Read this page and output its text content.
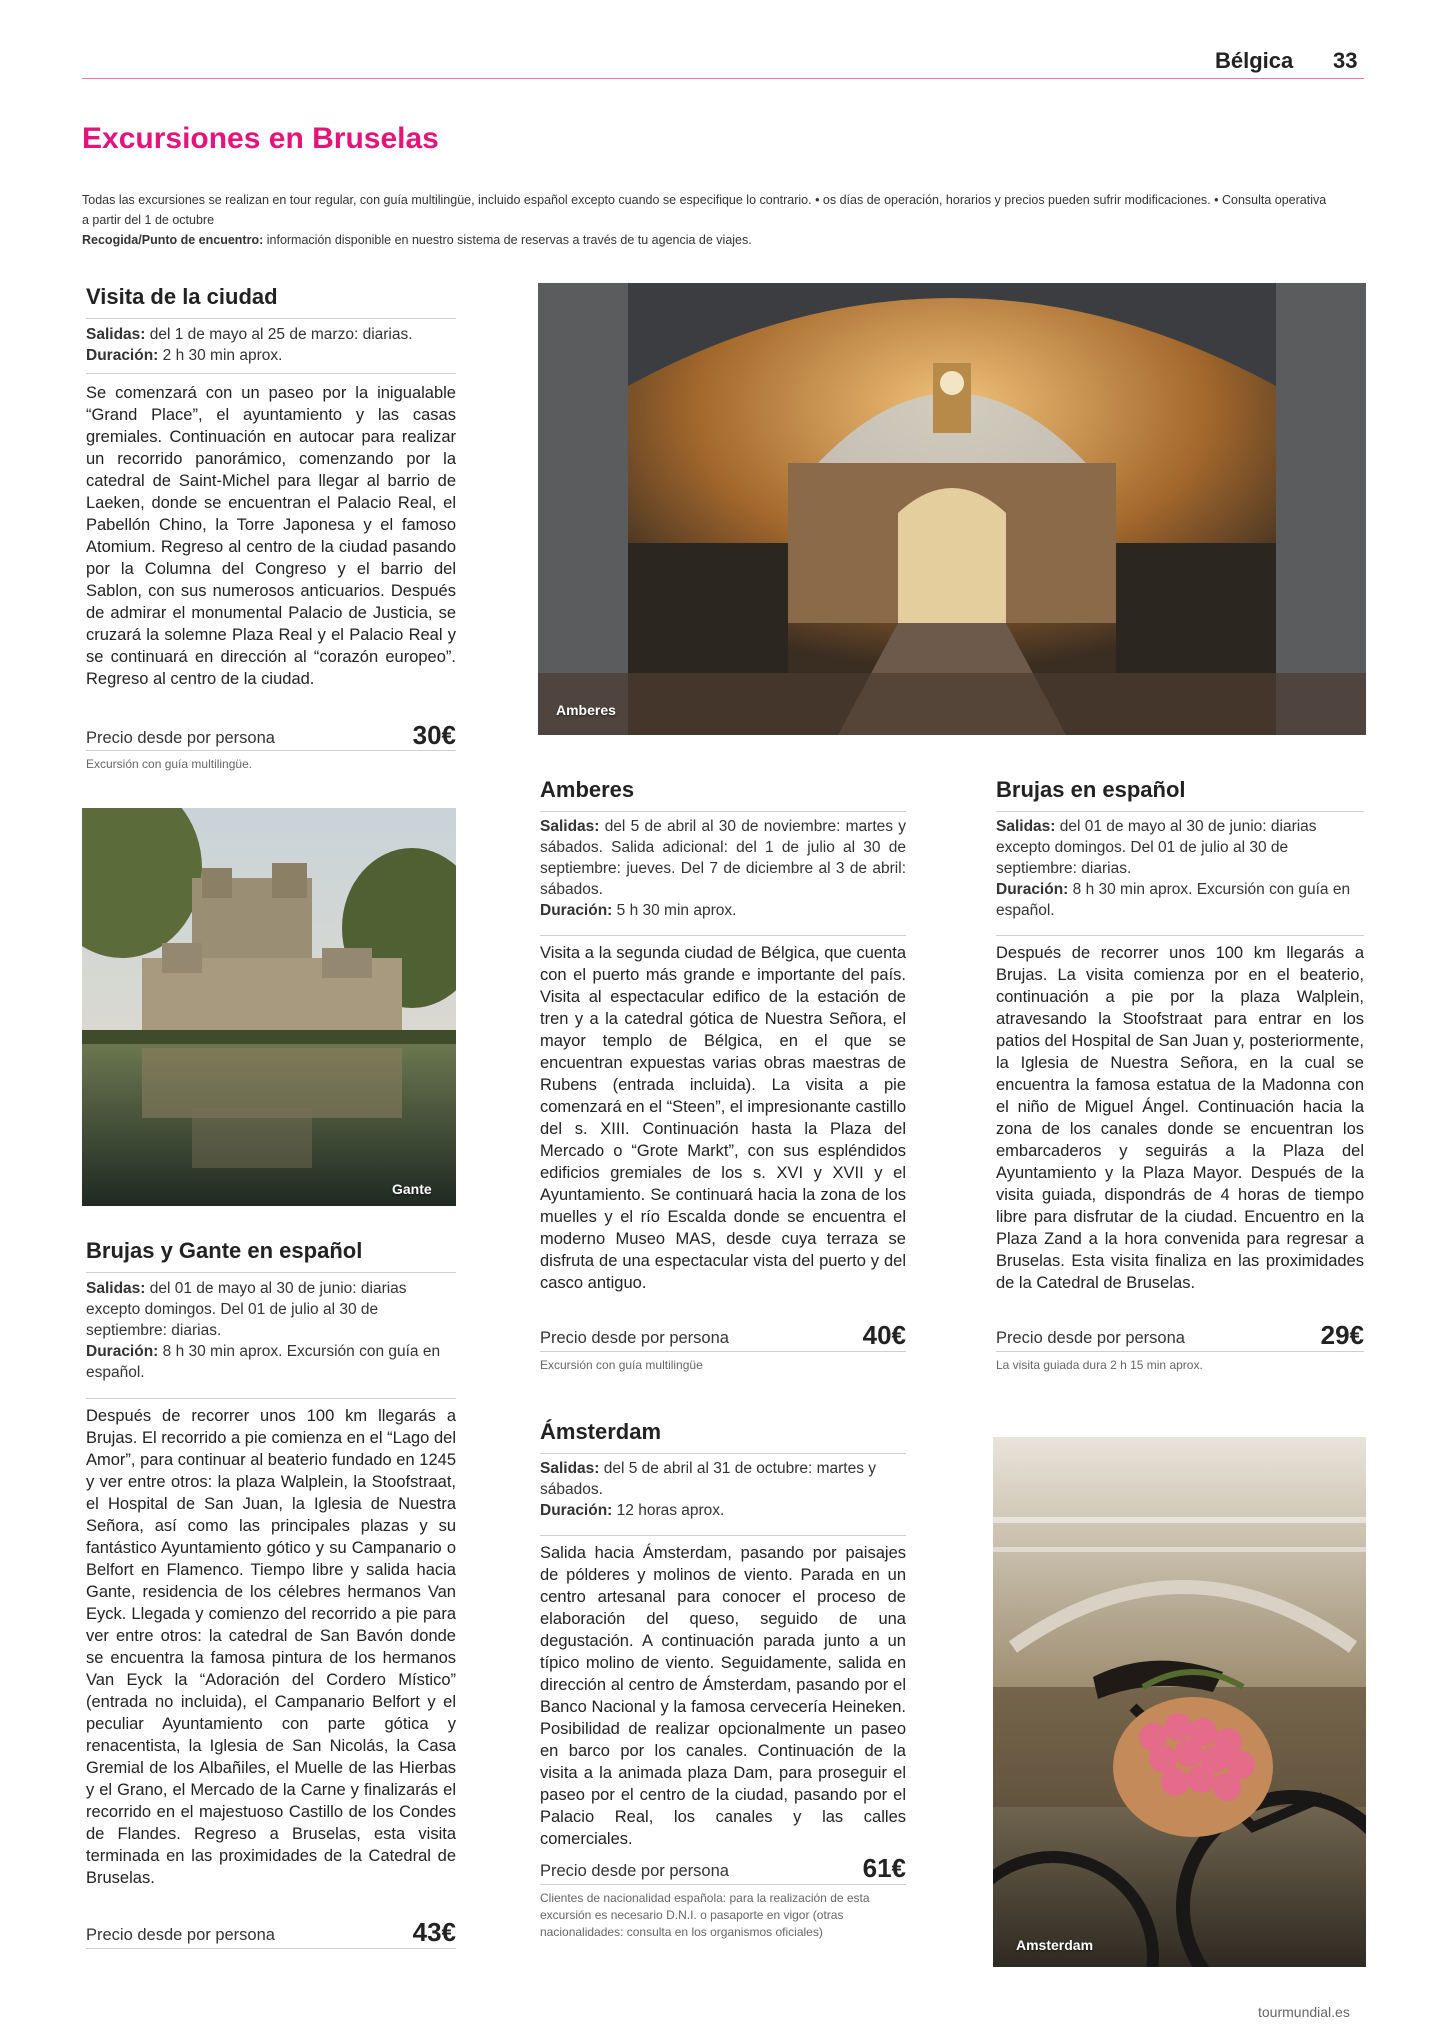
Bélgica 33
Excursiones en Bruselas
Todas las excursiones se realizan en tour regular, con guía multilingüe, incluido español excepto cuando se especifique lo contrario. • os días de operación, horarios y precios pueden sufrir modificaciones. • Consulta operativa a partir del 1 de octubre
Recogida/Punto de encuentro: información disponible en nuestro sistema de reservas a través de tu agencia de viajes.
Visita de la ciudad
Salidas: del 1 de mayo al 25 de marzo: diarias.
Duración: 2 h 30 min aprox.
Se comenzará con un paseo por la inigualable “Grand Place”, el ayuntamiento y las casas gremiales. Continuación en autocar para realizar un recorrido panorámico, comenzando por la catedral de Saint-Michel para llegar al barrio de Laeken, donde se encuentran el Palacio Real, el Pabellón Chino, la Torre Japonesa y el famoso Atomium. Regreso al centro de la ciudad pasando por la Columna del Congreso y el barrio del Sablon, con sus numerosos anticuarios. Después de admirar el monumental Palacio de Justicia, se cruzará la solemne Plaza Real y el Palacio Real y se continuará en dirección al “corazón europeo”. Regreso al centro de la ciudad.
Precio desde por persona	30€
Excursión con guía multilingüe.
Gante
Brujas y Gante en español
Salidas: del 01 de mayo al 30 de junio: diarias excepto domingos. Del 01 de julio al 30 de septiembre: diarias.
Duración: 8 h 30 min aprox. Excursión con guía en español.
Después de recorrer unos 100 km llegarás a Brujas. El recorrido a pie comienza en el “Lago del Amor”, para continuar al beaterio fundado en 1245 y ver entre otros: la plaza Walplein, la Stoofstraat, el Hospital de San Juan, la Iglesia de Nuestra Señora, así como las principales plazas y su fantástico Ayuntamiento gótico y su Campanario o Belfort en Flamenco. Tiempo libre y salida hacia Gante, residencia de los célebres hermanos Van Eyck. Llegada y comienzo del recorrido a pie para ver entre otros: la catedral de San Bavón donde se encuentra la famosa pintura de los hermanos Van Eyck la “Adoración del Cordero Místico” (entrada no incluida), el Campanario Belfort y el peculiar Ayuntamiento con parte gótica y renacentista, la Iglesia de San Nicolás, la Casa Gremial de los Albañiles, el Muelle de las Hierbas y el Grano, el Mercado de la Carne y finalizarás el recorrido en el majestuoso Castillo de los Condes de Flandes. Regreso a Bruselas, esta visita terminada en las proximidades de la Catedral de Bruselas.
Precio desde por persona	43€
Amberes
Amberes
Salidas: del 5 de abril al 30 de noviembre: martes y sábados. Salida adicional: del 1 de julio al 30 de septiembre: jueves. Del 7 de diciembre al 3 de abril: sábados.
Duración: 5 h 30 min aprox.
Visita a la segunda ciudad de Bélgica, que cuenta con el puerto más grande e importante del país. Visita al espectacular edifico de la estación de tren y a la catedral gótica de Nuestra Señora, el mayor templo de Bélgica, en el que se encuentran expuestas varias obras maestras de Rubens (entrada incluida). La visita a pie comenzará en el “Steen”, el impresionante castillo del s. XIII. Continuación hasta la Plaza del Mercado o “Grote Markt”, con sus espléndidos edificios gremiales de los s. XVI y XVII y el Ayuntamiento. Se continuará hacia la zona de los muelles y el río Escalda donde se encuentra el moderno Museo MAS, desde cuya terraza se disfruta de una espectacular vista del puerto y del casco antiguo.
Precio desde por persona	40€
Excursión con guía multilingüe
Ámsterdam
Salidas: del 5 de abril al 31 de octubre: martes y sábados.
Duración: 12 horas aprox.
Salida hacia Ámsterdam, pasando por paisajes de pólderes y molinos de viento. Parada en un centro artesanal para conocer el proceso de elaboración del queso, seguido de una degustación. A continuación parada junto a un típico molino de viento. Seguidamente, salida en dirección al centro de Ámsterdam, pasando por el Banco Nacional y la famosa cervecería Heineken. Posibilidad de realizar opcionalmente un paseo en barco por los canales. Continuación de la visita a la animada plaza Dam, para proseguir el paseo por el centro de la ciudad, pasando por el Palacio Real, los canales y las calles comerciales.
Precio desde por persona	61€
Clientes de nacionalidad española: para la realización de esta excursión es necesario D.N.I. o pasaporte en vigor (otras nacionalidades: consulta en los organismos oficiales)
Brujas en español
Salidas: del 01 de mayo al 30 de junio: diarias excepto domingos. Del 01 de julio al 30 de septiembre: diarias.
Duración: 8 h 30 min aprox. Excursión con guía en español.
Después de recorrer unos 100 km llegarás a Brujas. La visita comienza por en el beaterio, continuación a pie por la plaza Walplein, atravesando la Stoofstraat para entrar en los patios del Hospital de San Juan y, posteriormente, la Iglesia de Nuestra Señora, en la cual se encuentra la famosa estatua de la Madonna con el niño de Miguel Ángel. Continuación hacia la zona de los canales donde se encuentran los embarcaderos y seguirás a la Plaza del Ayuntamiento y la Plaza Mayor. Después de la visita guiada, dispondrás de 4 horas de tiempo libre para disfrutar de la ciudad. Encuentro en la Plaza Zand a la hora convenida para regresar a Bruselas. Esta visita finaliza en las proximidades de la Catedral de Bruselas.
Precio desde por persona	29€
La visita guiada dura 2 h 15 min aprox.
Amsterdam
tourmundial.es
